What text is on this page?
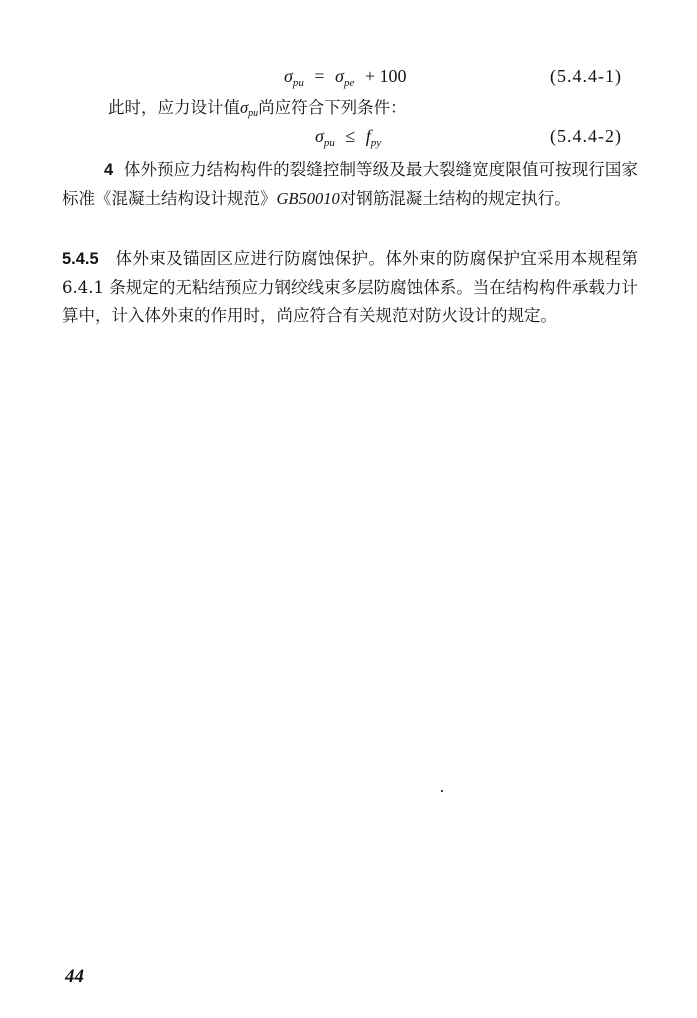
$\sigma_{pu} = \sigma_{pe} + 100$	(5.4.4-1)
此时，应力设计值$\sigma_{pu}$尚应符合下列条件：
$\sigma_{pu} \le f_{py}$	(5.4.4-2)

4 体外预应力结构构件的裂缝控制等级及最大裂缝宽度限值可按现行国家标准《混凝土结构设计规范》GB50010对钢筋混凝土结构的规定执行。

5.4.5 体外束及锚固区应进行防腐蚀保护。体外束的防腐保护宜采用本规程第 6.4.1 条规定的无粘结预应力钢绞线束多层防腐蚀体系。当在结构构件承载力计算中，计入体外束的作用时，尚应符合有关规范对防火设计的规定。

44
